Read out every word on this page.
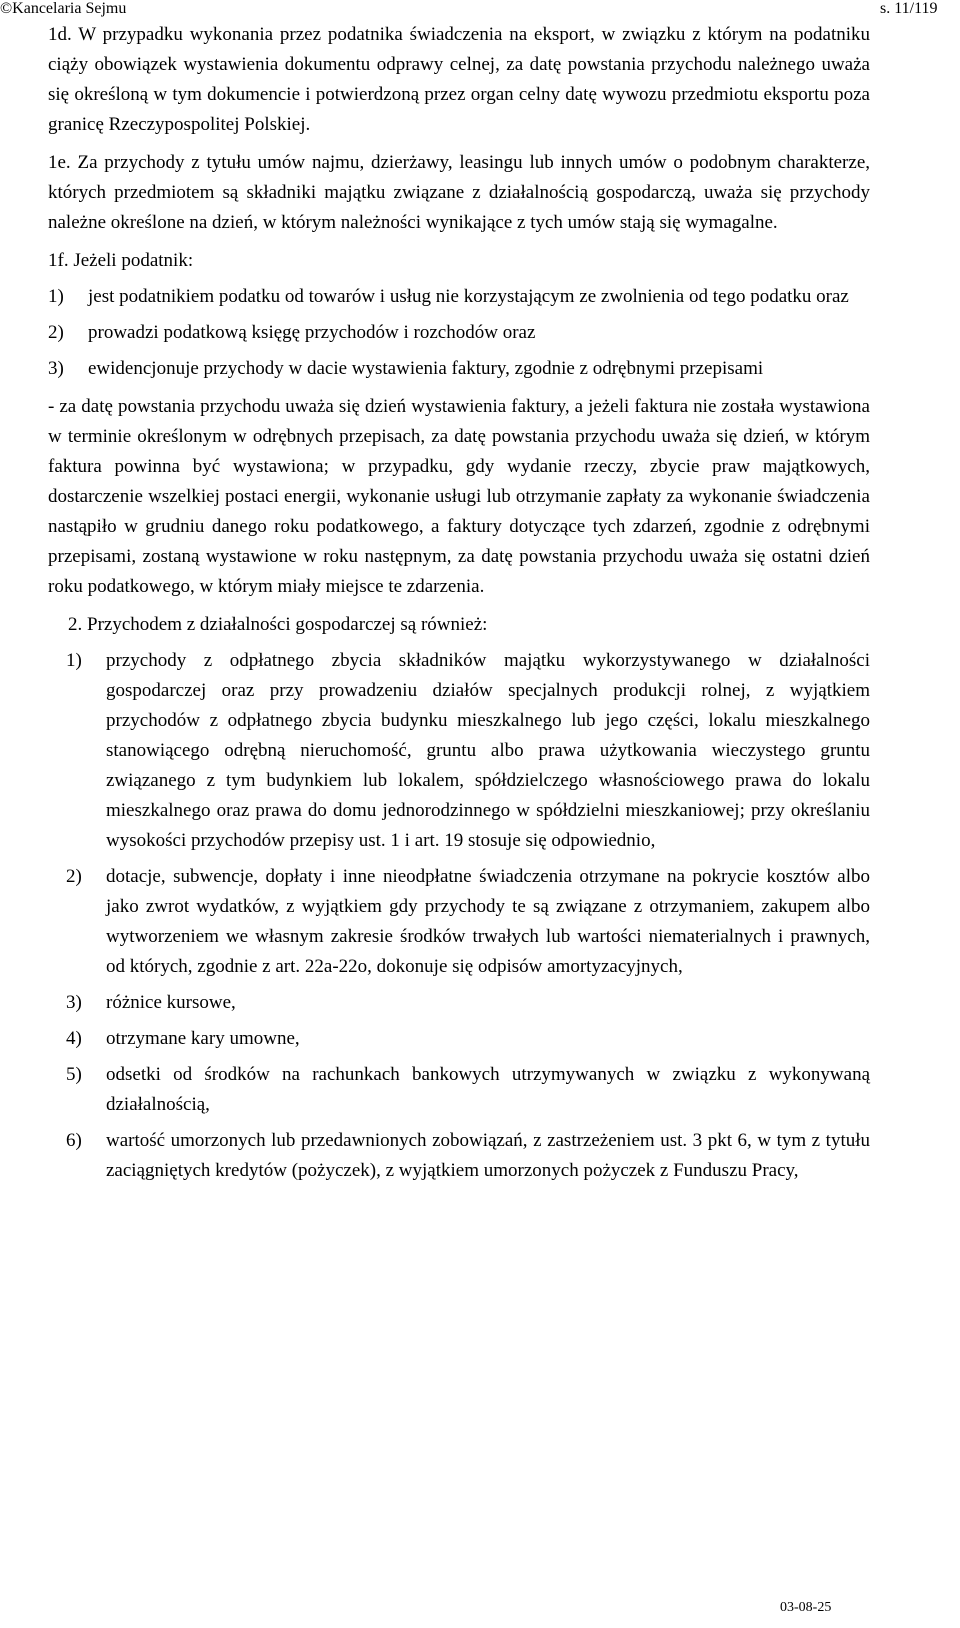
©Kancelaria Sejmu	s. 11/119

1d. W przypadku wykonania przez podatnika świadczenia na eksport, w związku z którym na podatniku ciąży obowiązek wystawienia dokumentu odprawy celnej, za datę powstania przychodu należnego uważa się określoną w tym dokumencie i potwierdzoną przez organ celny datę wywozu przedmiotu eksportu poza granicę Rzeczypospolitej Polskiej.

1e. Za przychody z tytułu umów najmu, dzierżawy, leasingu lub innych umów o podobnym charakterze, których przedmiotem są składniki majątku związane z działalnością gospodarczą, uważa się przychody należne określone na dzień, w którym należności wynikające z tych umów stają się wymagalne.

1f. Jeżeli podatnik:
1)	jest podatnikiem podatku od towarów i usług nie korzystającym ze zwolnienia od tego podatku oraz
2)	prowadzi podatkową księgę przychodów i rozchodów oraz
3)	ewidencjonuje przychody w dacie wystawienia faktury, zgodnie z odrębnymi przepisami

- za datę powstania przychodu uważa się dzień wystawienia faktury, a jeżeli faktura nie została wystawiona w terminie określonym w odrębnych przepisach, za datę powstania przychodu uważa się dzień, w którym faktura powinna być wystawiona; w przypadku, gdy wydanie rzeczy, zbycie praw majątkowych, dostarczenie wszelkiej postaci energii, wykonanie usługi lub otrzymanie zapłaty za wykonanie świadczenia nastąpiło w grudniu danego roku podatkowego, a faktury dotyczące tych zdarzeń, zgodnie z odrębnymi przepisami, zostaną wystawione w roku następnym, za datę powstania przychodu uważa się ostatni dzień roku podatkowego, w którym miały miejsce te zdarzenia.

2. Przychodem z działalności gospodarczej są również:
1)	przychody z odpłatnego zbycia składników majątku wykorzystywanego w działalności gospodarczej oraz przy prowadzeniu działów specjalnych produkcji rolnej, z wyjątkiem przychodów z odpłatnego zbycia budynku mieszkalnego lub jego części, lokalu mieszkalnego stanowiącego odrębną nieruchomość, gruntu albo prawa użytkowania wieczystego gruntu związanego z tym budynkiem lub lokalem, spółdzielczego własnościowego prawa do lokalu mieszkalnego oraz prawa do domu jednorodzinnego w spółdzielni mieszkaniowej; przy określaniu wysokości przychodów przepisy ust. 1 i art. 19 stosuje się odpowiednio,
2)	dotacje, subwencje, dopłaty i inne nieodpłatne świadczenia otrzymane na pokrycie kosztów albo jako zwrot wydatków, z wyjątkiem gdy przychody te są związane z otrzymaniem, zakupem albo wytworzeniem we własnym zakresie środków trwałych lub wartości niematerialnych i prawnych, od których, zgodnie z art. 22a-22o, dokonuje się odpisów amortyzacyjnych,
3)	różnice kursowe,
4)	otrzymane kary umowne,
5)	odsetki od środków na rachunkach bankowych utrzymywanych w związku z wykonywaną działalnością,
6)	wartość umorzonych lub przedawnionych zobowiązań, z zastrzeżeniem ust. 3 pkt 6, w tym z tytułu zaciągniętych kredytów (pożyczek), z wyjątkiem umorzonych pożyczek z Funduszu Pracy,
03-08-25
